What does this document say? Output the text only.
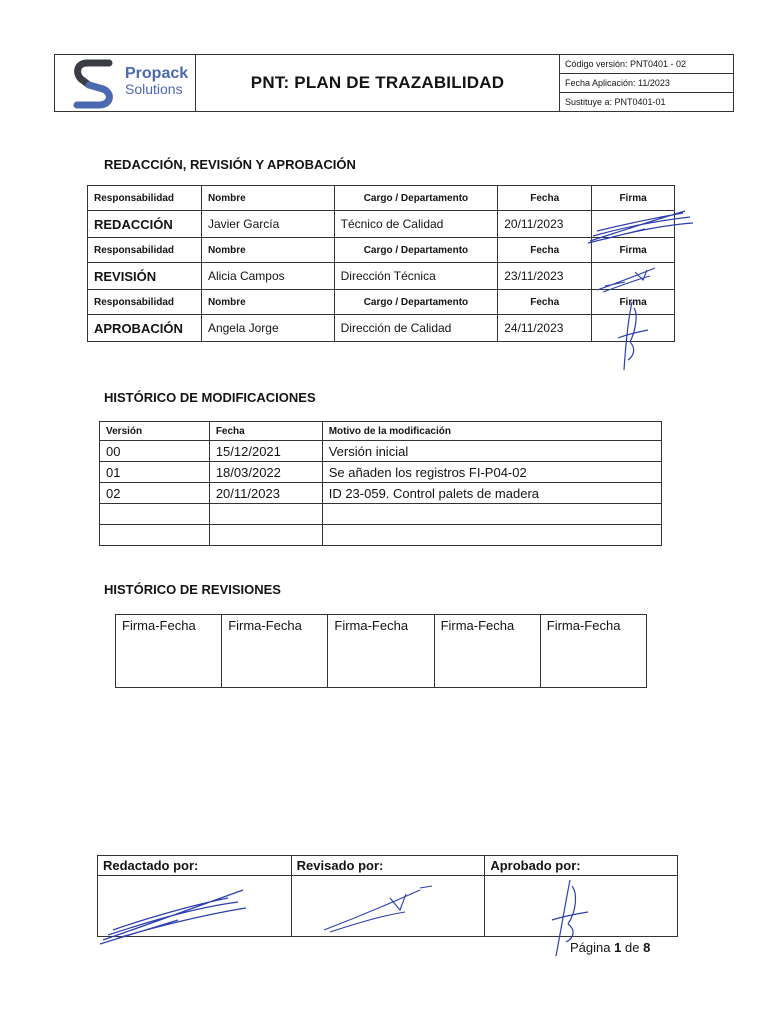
Propack
Solutions	PNT: PLAN DE TRAZABILIDAD	Código versión: PNT0401 - 02
Fecha Aplicación: 11/2023
Sustituye a: PNT0401-01
REDACCIÓN, REVISIÓN Y APROBACIÓN
Responsabilidad	Nombre	Cargo / Departamento	Fecha	Firma
REDACCIÓN	Javier García	Técnico de Calidad	20/11/2023	
Responsabilidad	Nombre	Cargo / Departamento	Fecha	Firma
REVISIÓN	Alicia Campos	Dirección Técnica	23/11/2023	
Responsabilidad	Nombre	Cargo / Departamento	Fecha	Firma
APROBACIÓN	Angela Jorge	Dirección de Calidad	24/11/2023	
HISTÓRICO DE MODIFICACIONES
Versión	Fecha	Motivo de la modificación
00	15/12/2021	Versión inicial
01	18/03/2022	Se añaden los registros FI-P04-02
02	20/11/2023	ID 23-059. Control palets de madera

HISTÓRICO DE REVISIONES
Firma-Fecha	Firma-Fecha	Firma-Fecha	Firma-Fecha	Firma-Fecha
Redactado por:	Revisado por:	Aprobado por:

Página 1 de 8
